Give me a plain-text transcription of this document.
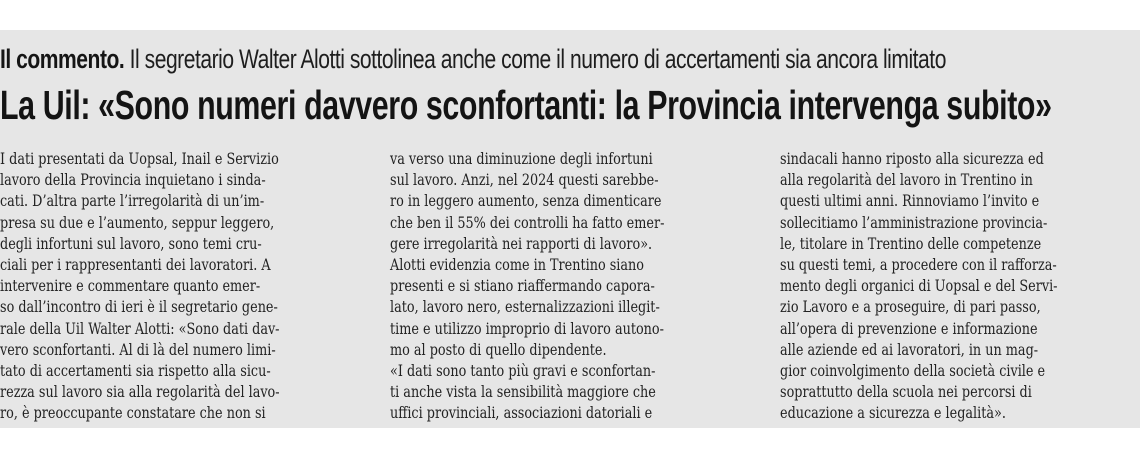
Il commento. Il segretario Walter Alotti sottolinea anche come il numero di accertamenti sia ancora limitato
La Uil: «Sono numeri davvero sconfortanti: la Provincia intervenga subito»

I dati presentati da Uopsal, Inail e Servizio

lavoro della Provincia inquietano i sinda-

cati. D’altra parte l’irregolarità di un’im-

presa su due e l’aumento, seppur leggero,

degli infortuni sul lavoro, sono temi cru-

ciali per i rappresentanti dei lavoratori. A

intervenire e commentare quanto emer-

so dall’incontro di ieri è il segretario gene-

rale della Uil Walter Alotti: «Sono dati dav-

vero sconfortanti. Al di là del numero limi-

tato di accertamenti sia rispetto alla sicu-

rezza sul lavoro sia alla regolarità del lavo-

ro, è preoccupante constatare che non si

va verso una diminuzione degli infortuni

sul lavoro. Anzi, nel 2024 questi sarebbe-

ro in leggero aumento, senza dimenticare

che ben il 55% dei controlli ha fatto emer-

gere irregolarità nei rapporti di lavoro».

Alotti evidenzia come in Trentino siano

presenti e si stiano riaffermando capora-

lato, lavoro nero, esternalizzazioni illegit-

time e utilizzo improprio di lavoro autono-

mo al posto di quello dipendente.

«I dati sono tanto più gravi e sconfortan-

ti anche vista la sensibilità maggiore che

uffici provinciali, associazioni datoriali e

sindacali hanno riposto alla sicurezza ed

alla regolarità del lavoro in Trentino in

questi ultimi anni. Rinnoviamo l’invito e

sollecitiamo l’amministrazione provincia-

le, titolare in Trentino delle competenze

su questi temi, a procedere con il rafforza-

mento degli organici di Uopsal e del Servi-

zio Lavoro e a proseguire, di pari passo,

all’opera di prevenzione e informazione

alle aziende ed ai lavoratori, in un mag-

gior coinvolgimento della società civile e

soprattutto della scuola nei percorsi di

educazione a sicurezza e legalità».
